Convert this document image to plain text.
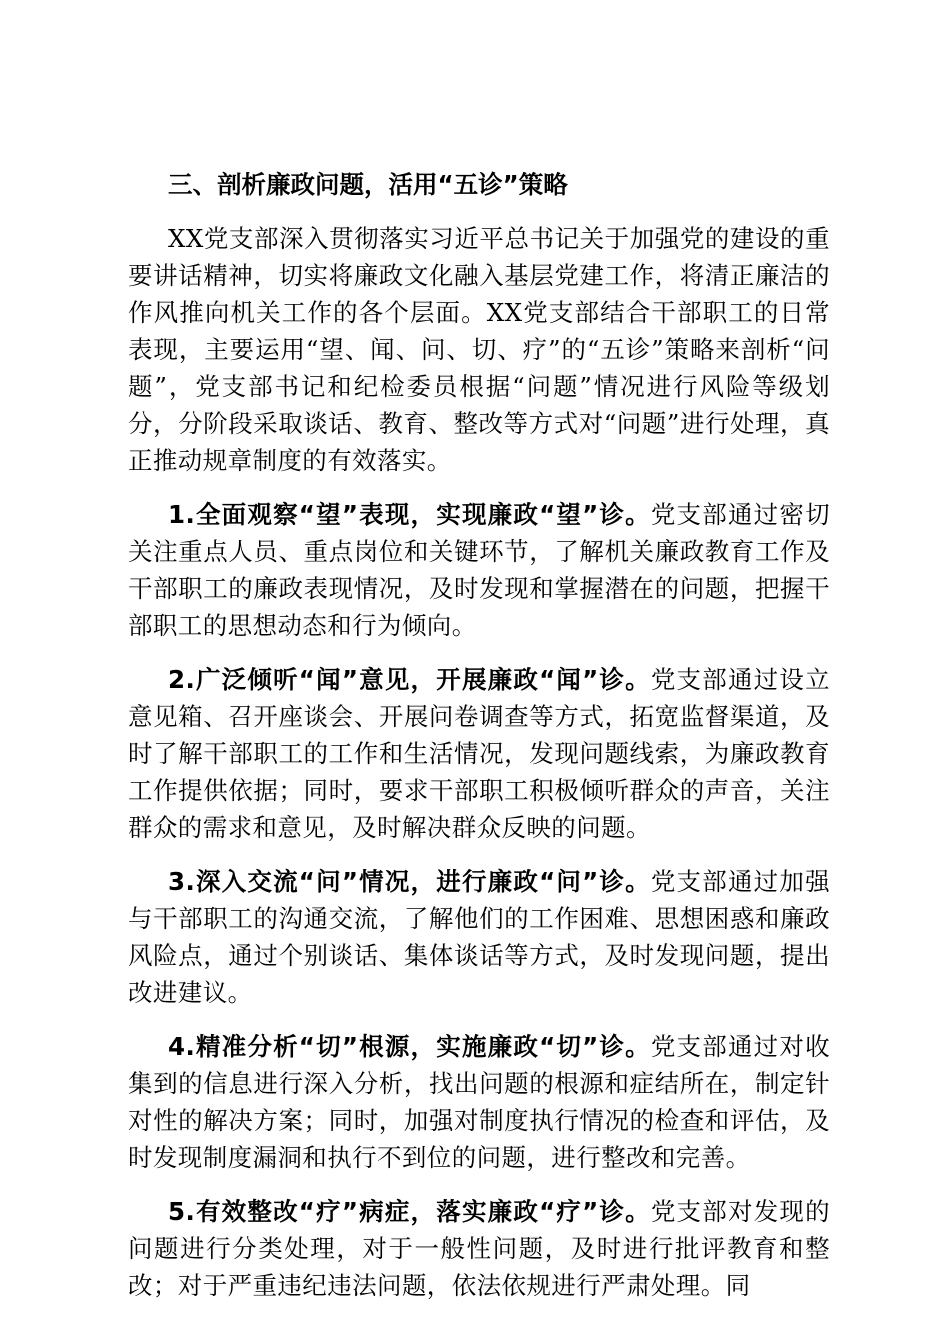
三、剖析廉政问题，活用“五诊”策略

XX党支部深入贯彻落实习近平总书记关于加强党的建设的重要讲话精神，切实将廉政文化融入基层党建工作，将清正廉洁的作风推向机关工作的各个层面。XX党支部结合干部职工的日常表现，主要运用“望、闻、问、切、疗”的“五诊”策略来剖析“问题”，党支部书记和纪检委员根据“问题”情况进行风险等级划分，分阶段采取谈话、教育、整改等方式对“问题”进行处理，真正推动规章制度的有效落实。

1.全面观察“望”表现，实现廉政“望”诊。党支部通过密切关注重点人员、重点岗位和关键环节，了解机关廉政教育工作及干部职工的廉政表现情况，及时发现和掌握潜在的问题，把握干部职工的思想动态和行为倾向。

2.广泛倾听“闻”意见，开展廉政“闻”诊。党支部通过设立意见箱、召开座谈会、开展问卷调查等方式，拓宽监督渠道，及时了解干部职工的工作和生活情况，发现问题线索，为廉政教育工作提供依据；同时，要求干部职工积极倾听群众的声音，关注群众的需求和意见，及时解决群众反映的问题。

3.深入交流“问”情况，进行廉政“问”诊。党支部通过加强与干部职工的沟通交流，了解他们的工作困难、思想困惑和廉政风险点，通过个别谈话、集体谈话等方式，及时发现问题，提出改进建议。

4.精准分析“切”根源，实施廉政“切”诊。党支部通过对收集到的信息进行深入分析，找出问题的根源和症结所在，制定针对性的解决方案；同时，加强对制度执行情况的检查和评估，及时发现制度漏洞和执行不到位的问题，进行整改和完善。

5.有效整改“疗”病症，落实廉政“疗”诊。党支部对发现的问题进行分类处理，对于一般性问题，及时进行批评教育和整改；对于严重违纪违法问题，依法依规进行严肃处理。同
